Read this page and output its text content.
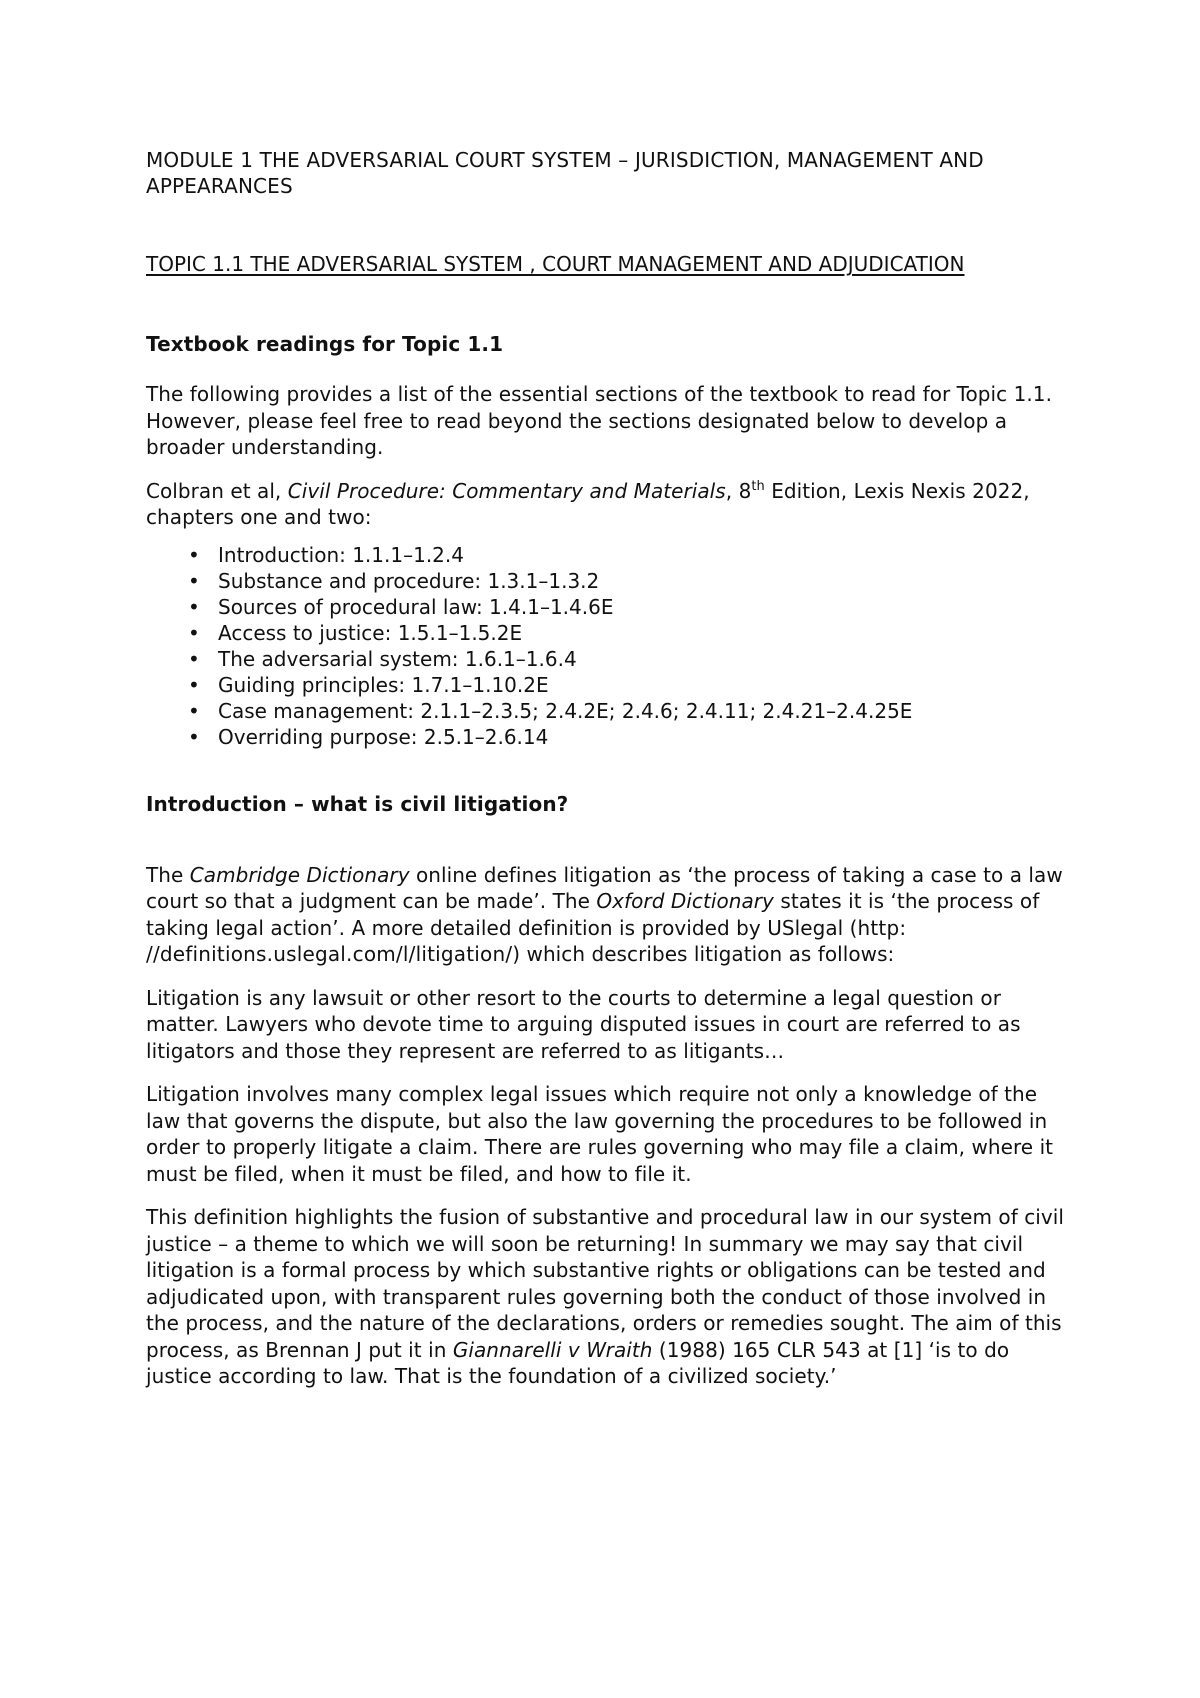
MODULE 1 THE ADVERSARIAL COURT SYSTEM – JURISDICTION, MANAGEMENT AND APPEARANCES
TOPIC 1.1 THE ADVERSARIAL SYSTEM , COURT MANAGEMENT AND ADJUDICATION
Textbook readings for Topic 1.1

The following provides a list of the essential sections of the textbook to read for Topic 1.1. However, please feel free to read beyond the sections designated below to develop a broader understanding.

Colbran et al, Civil Procedure: Commentary and Materials, 8th Edition, Lexis Nexis 2022, chapters one and two:

• Introduction: 1.1.1–1.2.4
• Substance and procedure: 1.3.1–1.3.2
• Sources of procedural law: 1.4.1–1.4.6E
• Access to justice: 1.5.1–1.5.2E
• The adversarial system: 1.6.1–1.6.4
• Guiding principles: 1.7.1–1.10.2E
• Case management: 2.1.1–2.3.5; 2.4.2E; 2.4.6; 2.4.11; 2.4.21–2.4.25E
• Overriding purpose: 2.5.1–2.6.14
Introduction – what is civil litigation?

The Cambridge Dictionary online defines litigation as ‘the process of taking a case to a law court so that a judgment can be made’. The Oxford Dictionary states it is ‘the process of taking legal action’. A more detailed definition is provided by USlegal (http: //definitions.uslegal.com/l/litigation/) which describes litigation as follows:

Litigation is any lawsuit or other resort to the courts to determine a legal question or matter. Lawyers who devote time to arguing disputed issues in court are referred to as litigators and those they represent are referred to as litigants…

Litigation involves many complex legal issues which require not only a knowledge of the law that governs the dispute, but also the law governing the procedures to be followed in order to properly litigate a claim. There are rules governing who may file a claim, where it must be filed, when it must be filed, and how to file it.

This definition highlights the fusion of substantive and procedural law in our system of civil justice – a theme to which we will soon be returning! In summary we may say that civil litigation is a formal process by which substantive rights or obligations can be tested and adjudicated upon, with transparent rules governing both the conduct of those involved in the process, and the nature of the declarations, orders or remedies sought. The aim of this process, as Brennan J put it in Giannarelli v Wraith (1988) 165 CLR 543 at [1] ‘is to do justice according to law. That is the foundation of a civilized society.’
